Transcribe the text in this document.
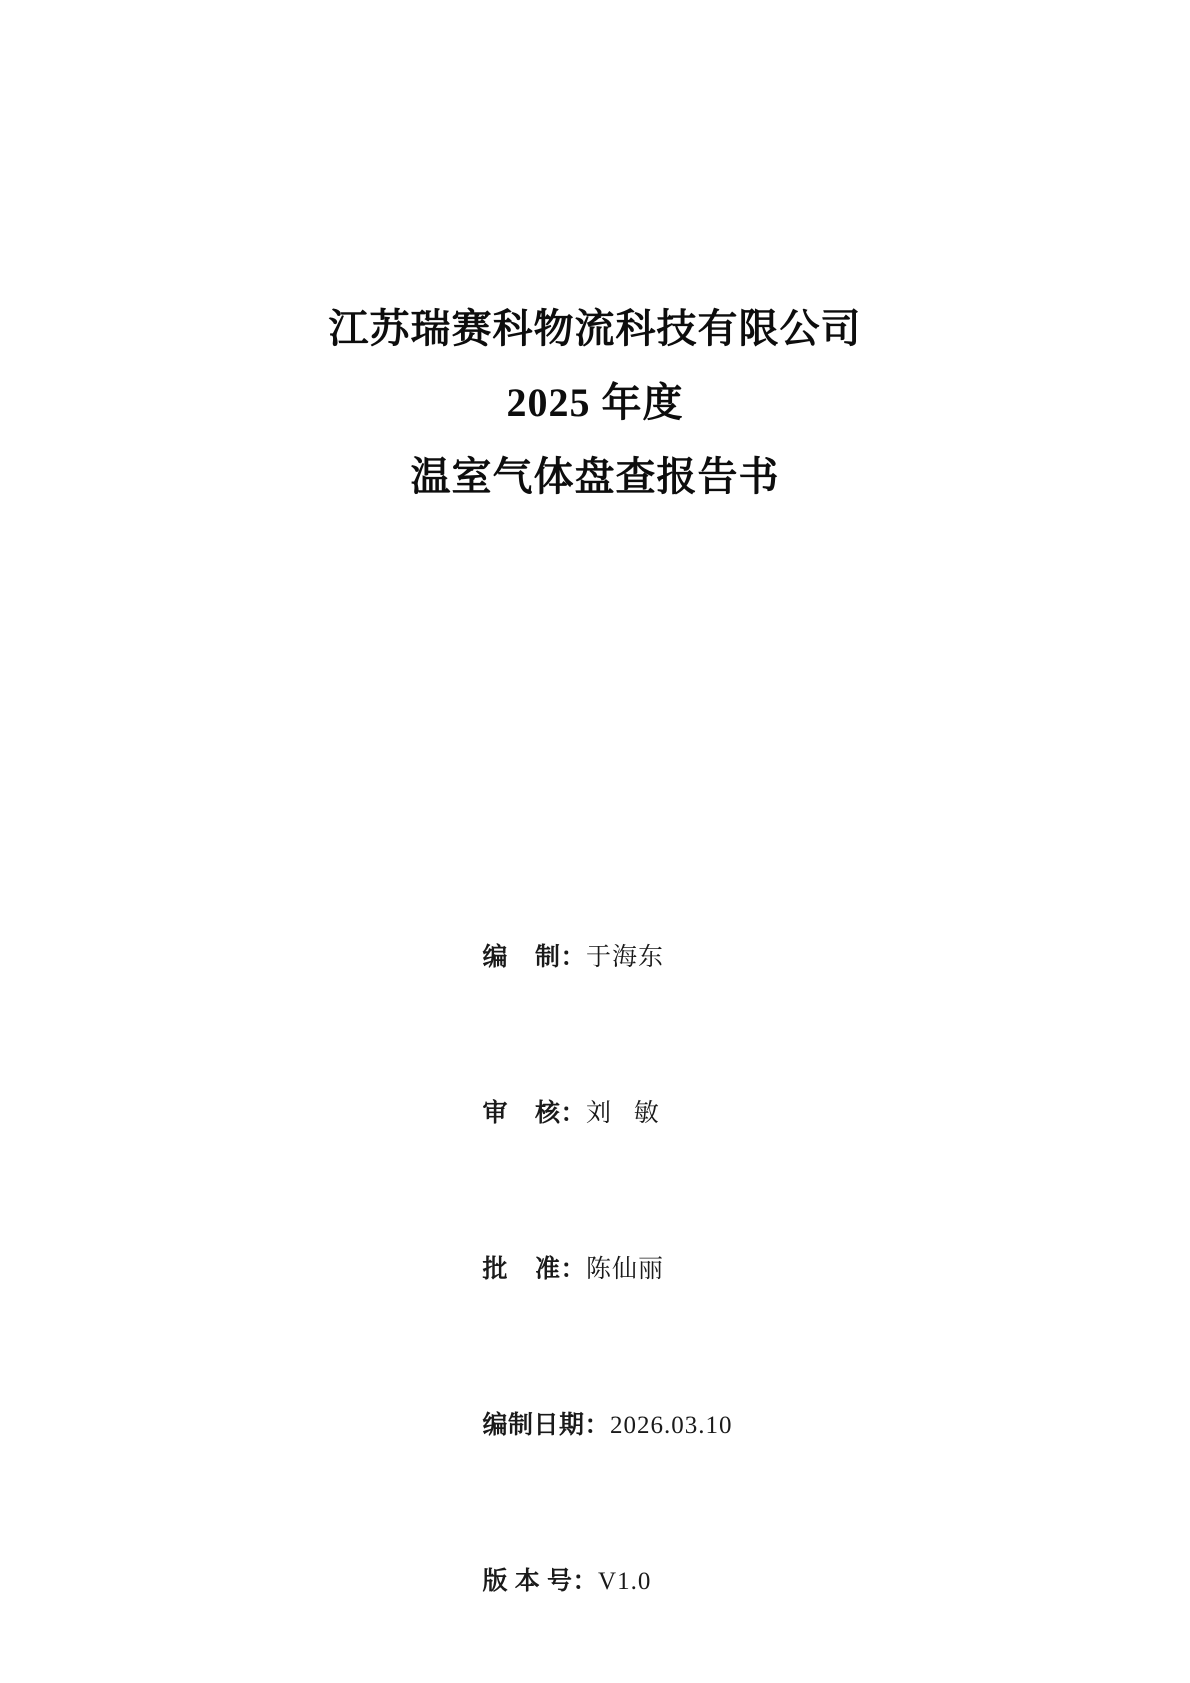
江苏瑞赛科物流科技有限公司
2025 年度
温室气体盘查报告书

编    制：于海东

审    核：刘   敏

批    准：陈仙丽

编制日期：2026.03.10

版 本 号：V1.0
